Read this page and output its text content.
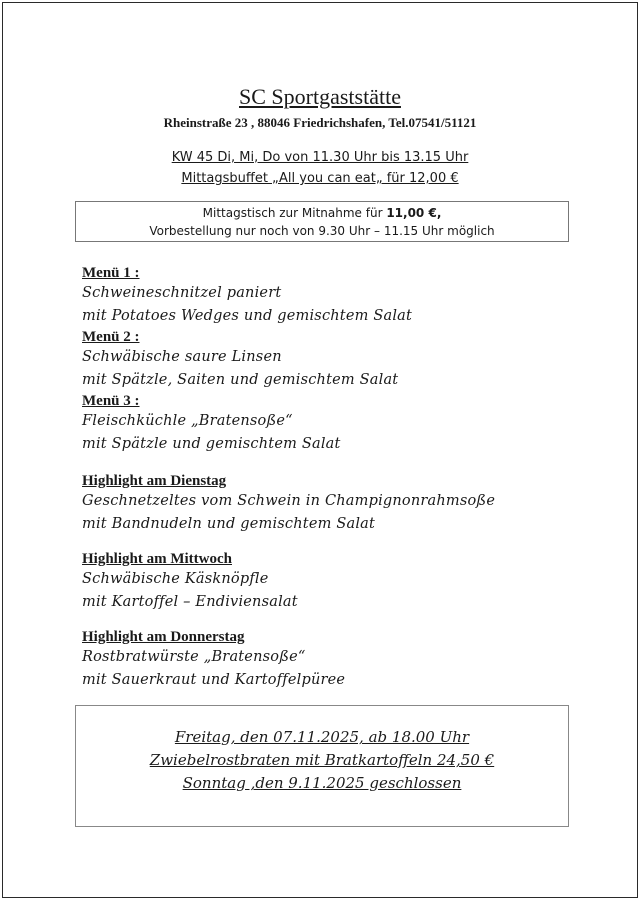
SC Sportgaststätte
Rheinstraße 23 , 88046 Friedrichshafen, Tel.07541/51121
KW 45 Di, Mi, Do von 11.30 Uhr bis 13.15 Uhr
Mittagsbuffet „All you can eat„ für 12,00 €
Mittagstisch zur Mitnahme für 11,00 €,
Vorbestellung nur noch von 9.30 Uhr – 11.15 Uhr möglich
Menü 1 :
Schweineschnitzel paniert
mit Potatoes Wedges und gemischtem Salat
Menü 2 :
Schwäbische saure Linsen
mit Spätzle, Saiten und gemischtem Salat
Menü 3 :
Fleischküchle „Bratensoße“
mit Spätzle und gemischtem Salat
Highlight am Dienstag
Geschnetzeltes vom Schwein in Champignonrahmsoße
mit Bandnudeln und gemischtem Salat
Highlight am Mittwoch
Schwäbische Käsknöpfle
mit Kartoffel – Endiviensalat
Highlight am Donnerstag
Rostbratwürste „Bratensoße“
mit Sauerkraut und Kartoffelpüree
Freitag, den 07.11.2025, ab 18.00 Uhr
Zwiebelrostbraten mit Bratkartoffeln 24,50 €
Sonntag ,den 9.11.2025 geschlossen
